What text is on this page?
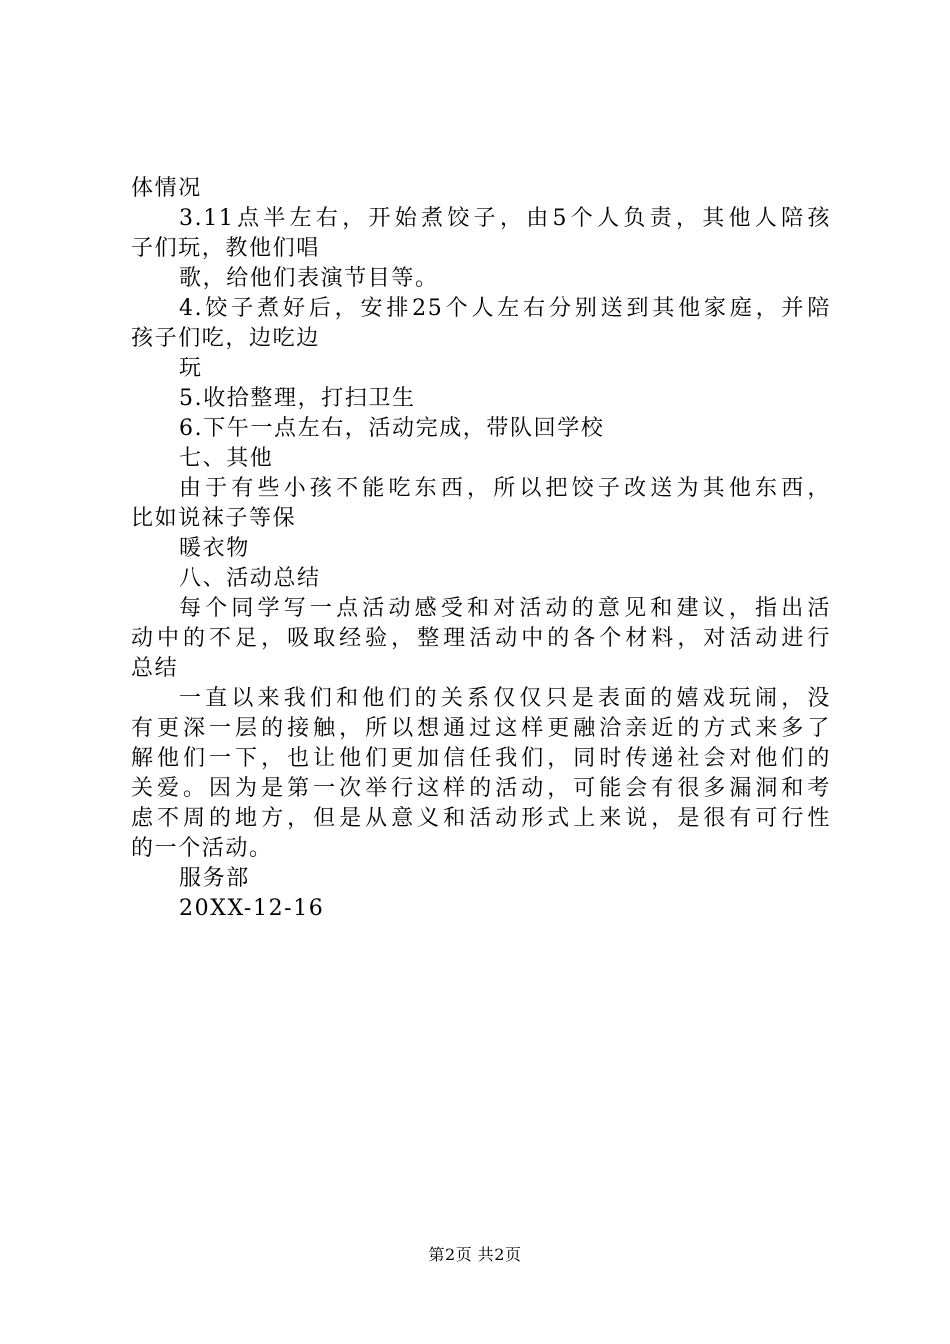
体情况
3.11点半左右，开始煮饺子，由5个人负责，其他人陪孩
子们玩，教他们唱
歌，给他们表演节目等。
4.饺子煮好后，安排25个人左右分别送到其他家庭，并陪
孩子们吃，边吃边
玩
5.收拾整理，打扫卫生
6.下午一点左右，活动完成，带队回学校
七、其他
由于有些小孩不能吃东西，所以把饺子改送为其他东西，
比如说袜子等保
暖衣物
八、活动总结
每个同学写一点活动感受和对活动的意见和建议，指出活
动中的不足，吸取经验，整理活动中的各个材料，对活动进行
总结
一直以来我们和他们的关系仅仅只是表面的嬉戏玩闹，没
有更深一层的接触，所以想通过这样更融洽亲近的方式来多了
解他们一下，也让他们更加信任我们，同时传递社会对他们的
关爱。因为是第一次举行这样的活动，可能会有很多漏洞和考
虑不周的地方，但是从意义和活动形式上来说，是很有可行性
的一个活动。
服务部
20XX-12-16
第2页 共2页
